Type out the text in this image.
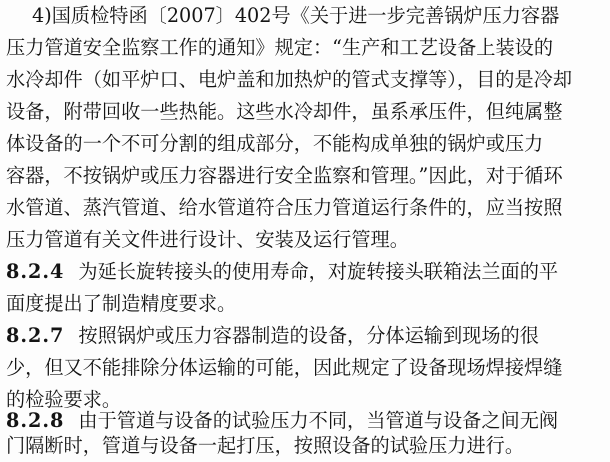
4)国质检特函〔2007〕402号《关于进一步完善锅炉压力容器
压力管道安全监察工作的通知》规定：“生产和工艺设备上装设的
水冷却件（如平炉口、电炉盖和加热炉的管式支撑等），目的是冷却
设备，附带回收一些热能。这些水冷却件，虽系承压件，但纯属整
体设备的一个不可分割的组成部分，不能构成单独的锅炉或压力
容器，不按锅炉或压力容器进行安全监察和管理。”因此，对于循环
水管道、蒸汽管道、给水管道符合压力管道运行条件的，应当按照
压力管道有关文件进行设计、安装及运行管理。
8.2.4 为延长旋转接头的使用寿命，对旋转接头联箱法兰面的平
面度提出了制造精度要求。
8.2.7 按照锅炉或压力容器制造的设备，分体运输到现场的很
少，但又不能排除分体运输的可能，因此规定了设备现场焊接焊缝
的检验要求。
8.2.8 由于管道与设备的试验压力不同，当管道与设备之间无阀
门隔断时，管道与设备一起打压，按照设备的试验压力进行。
